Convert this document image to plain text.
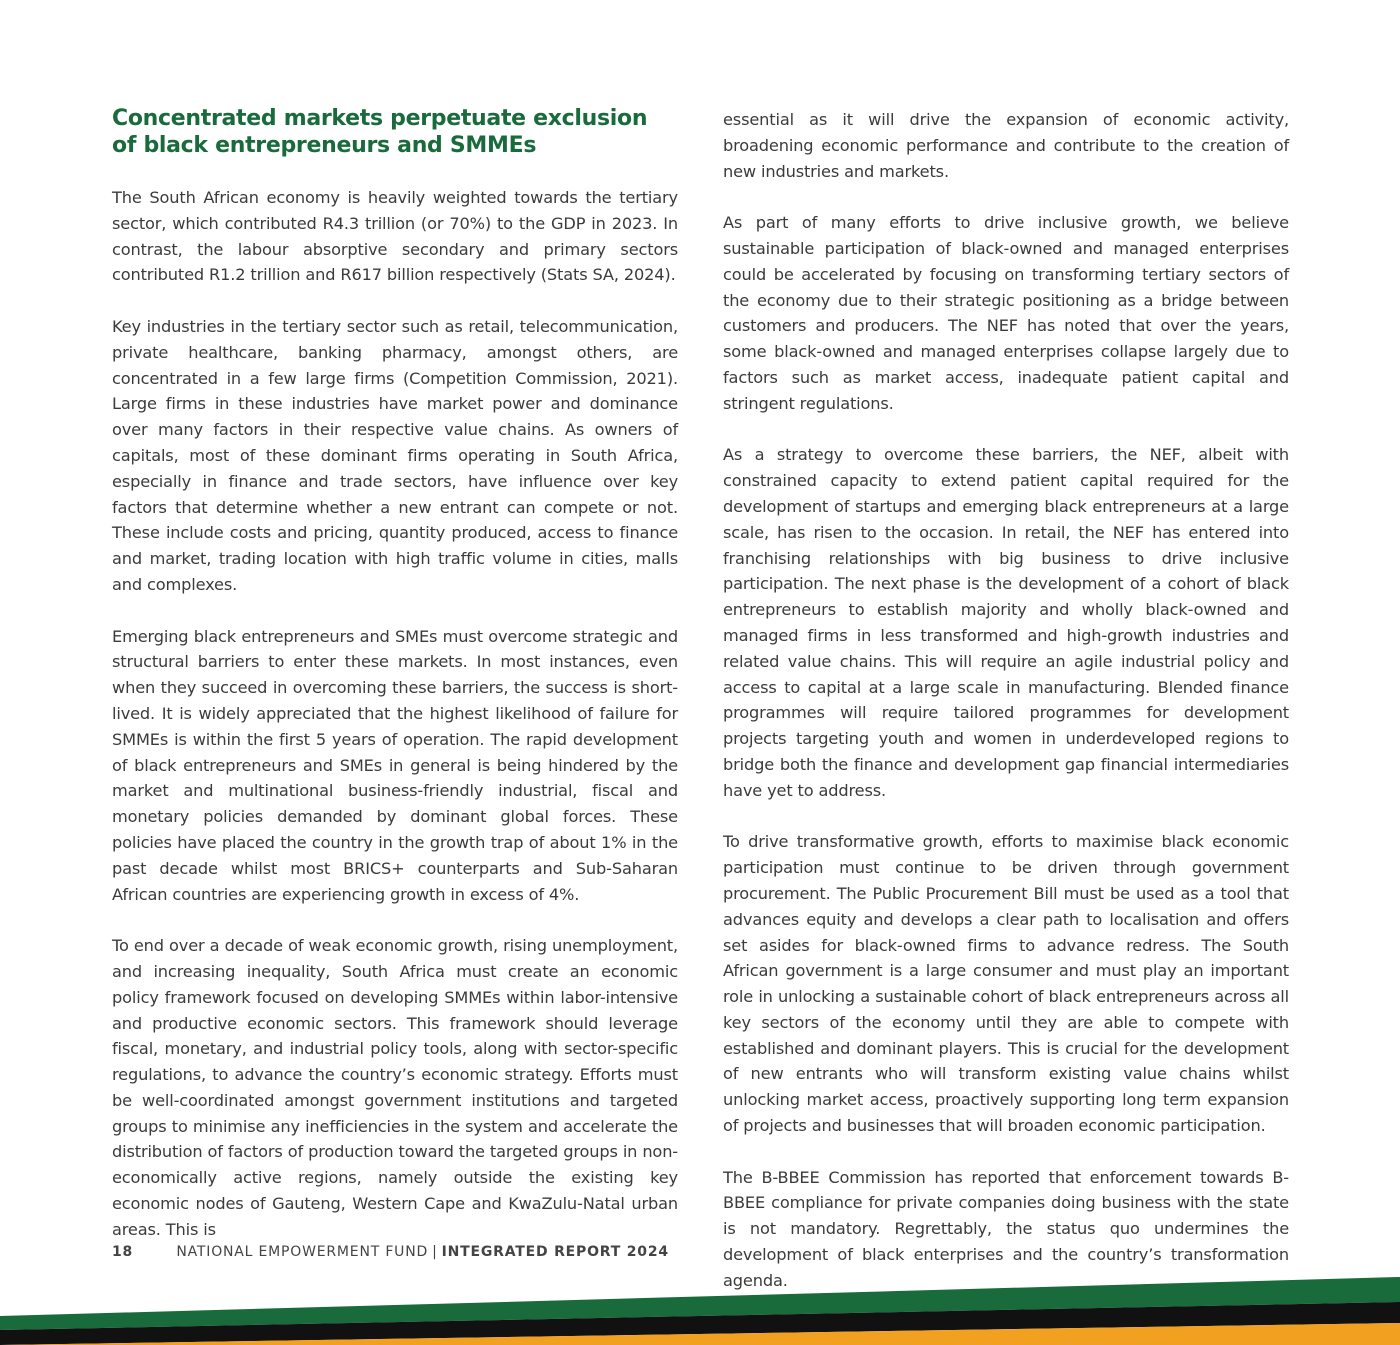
Concentrated markets perpetuate exclusion of black entrepreneurs and SMMEs

The South African economy is heavily weighted towards the tertiary sector, which contributed R4.3 trillion (or 70%) to the GDP in 2023. In contrast, the labour absorptive secondary and primary sectors contributed R1.2 trillion and R617 billion respectively (Stats SA, 2024).

Key industries in the tertiary sector such as retail, telecommunication, private healthcare, banking pharmacy, amongst others, are concentrated in a few large firms (Competition Commission, 2021). Large firms in these industries have market power and dominance over many factors in their respective value chains. As owners of capitals, most of these dominant firms operating in South Africa, especially in finance and trade sectors, have influence over key factors that determine whether a new entrant can compete or not. These include costs and pricing, quantity produced, access to finance and market, trading location with high traffic volume in cities, malls and complexes.

Emerging black entrepreneurs and SMEs must overcome strategic and structural barriers to enter these markets. In most instances, even when they succeed in overcoming these barriers, the success is short-lived. It is widely appreciated that the highest likelihood of failure for SMMEs is within the first 5 years of operation. The rapid development of black entrepreneurs and SMEs in general is being hindered by the market and multinational business-friendly industrial, fiscal and monetary policies demanded by dominant global forces. These policies have placed the country in the growth trap of about 1% in the past decade whilst most BRICS+ counterparts and Sub-Saharan African countries are experiencing growth in excess of 4%.

To end over a decade of weak economic growth, rising unemployment, and increasing inequality, South Africa must create an economic policy framework focused on developing SMMEs within labor-intensive and productive economic sectors. This framework should leverage fiscal, monetary, and industrial policy tools, along with sector-specific regulations, to advance the country’s economic strategy. Efforts must be well-coordinated amongst government institutions and targeted groups to minimise any inefficiencies in the system and accelerate the distribution of factors of production toward the targeted groups in non-economically active regions, namely outside the existing key economic nodes of Gauteng, Western Cape and KwaZulu-Natal urban areas. This is

essential as it will drive the expansion of economic activity, broadening economic performance and contribute to the creation of new industries and markets.

As part of many efforts to drive inclusive growth, we believe sustainable participation of black-owned and managed enterprises could be accelerated by focusing on transforming tertiary sectors of the economy due to their strategic positioning as a bridge between customers and producers. The NEF has noted that over the years, some black-owned and managed enterprises collapse largely due to factors such as market access, inadequate patient capital and stringent regulations.

As a strategy to overcome these barriers, the NEF, albeit with constrained capacity to extend patient capital required for the development of startups and emerging black entrepreneurs at a large scale, has risen to the occasion. In retail, the NEF has entered into franchising relationships with big business to drive inclusive participation. The next phase is the development of a cohort of black entrepreneurs to establish majority and wholly black-owned and managed firms in less transformed and high-growth industries and related value chains. This will require an agile industrial policy and access to capital at a large scale in manufacturing. Blended finance programmes will require tailored programmes for development projects targeting youth and women in underdeveloped regions to bridge both the finance and development gap financial intermediaries have yet to address.

To drive transformative growth, efforts to maximise black economic participation must continue to be driven through government procurement. The Public Procurement Bill must be used as a tool that advances equity and develops a clear path to localisation and offers set asides for black-owned firms to advance redress. The South African government is a large consumer and must play an important role in unlocking a sustainable cohort of black entrepreneurs across all key sectors of the economy until they are able to compete with established and dominant players. This is crucial for the development of new entrants who will transform existing value chains whilst unlocking market access, proactively supporting long term expansion of projects and businesses that will broaden economic participation.

The B-BBEE Commission has reported that enforcement towards B-BBEE compliance for private companies doing business with the state is not mandatory. Regrettably, the status quo undermines the development of black enterprises and the country’s transformation agenda.

18	NATIONAL EMPOWERMENT FUND | INTEGRATED REPORT 2024
